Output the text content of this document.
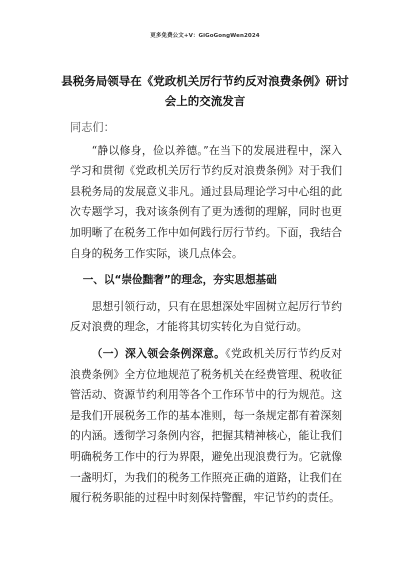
更多免费公文+V：GiGoGongWen2024
县税务局领导在《党政机关厉行节约反对浪费条例》研讨会上的交流发言

同志们：

“静以修身，俭以养德。”在当下的发展进程中，深入学习和贯彻《党政机关厉行节约反对浪费条例》对于我们县税务局的发展意义非凡。通过县局理论学习中心组的此次专题学习，我对该条例有了更为透彻的理解，同时也更加明晰了在税务工作中如何践行厉行节约。下面，我结合自身的税务工作实际，谈几点体会。

一、以“崇俭黜奢”的理念，夯实思想基础

思想引领行动，只有在思想深处牢固树立起厉行节约反对浪费的理念，才能将其切实转化为自觉行动。

（一）深入领会条例深意。《党政机关厉行节约反对浪费条例》全方位地规范了税务机关在经费管理、税收征管活动、资源节约利用等各个工作环节中的行为规范。这是我们开展税务工作的基本准则，每一条规定都有着深刻的内涵。透彻学习条例内容，把握其精神核心，能让我们明确税务工作中的行为界限，避免出现浪费行为。它就像一盏明灯，为我们的税务工作照亮正确的道路，让我们在履行税务职能的过程中时刻保持警醒，牢记节约的责任。
